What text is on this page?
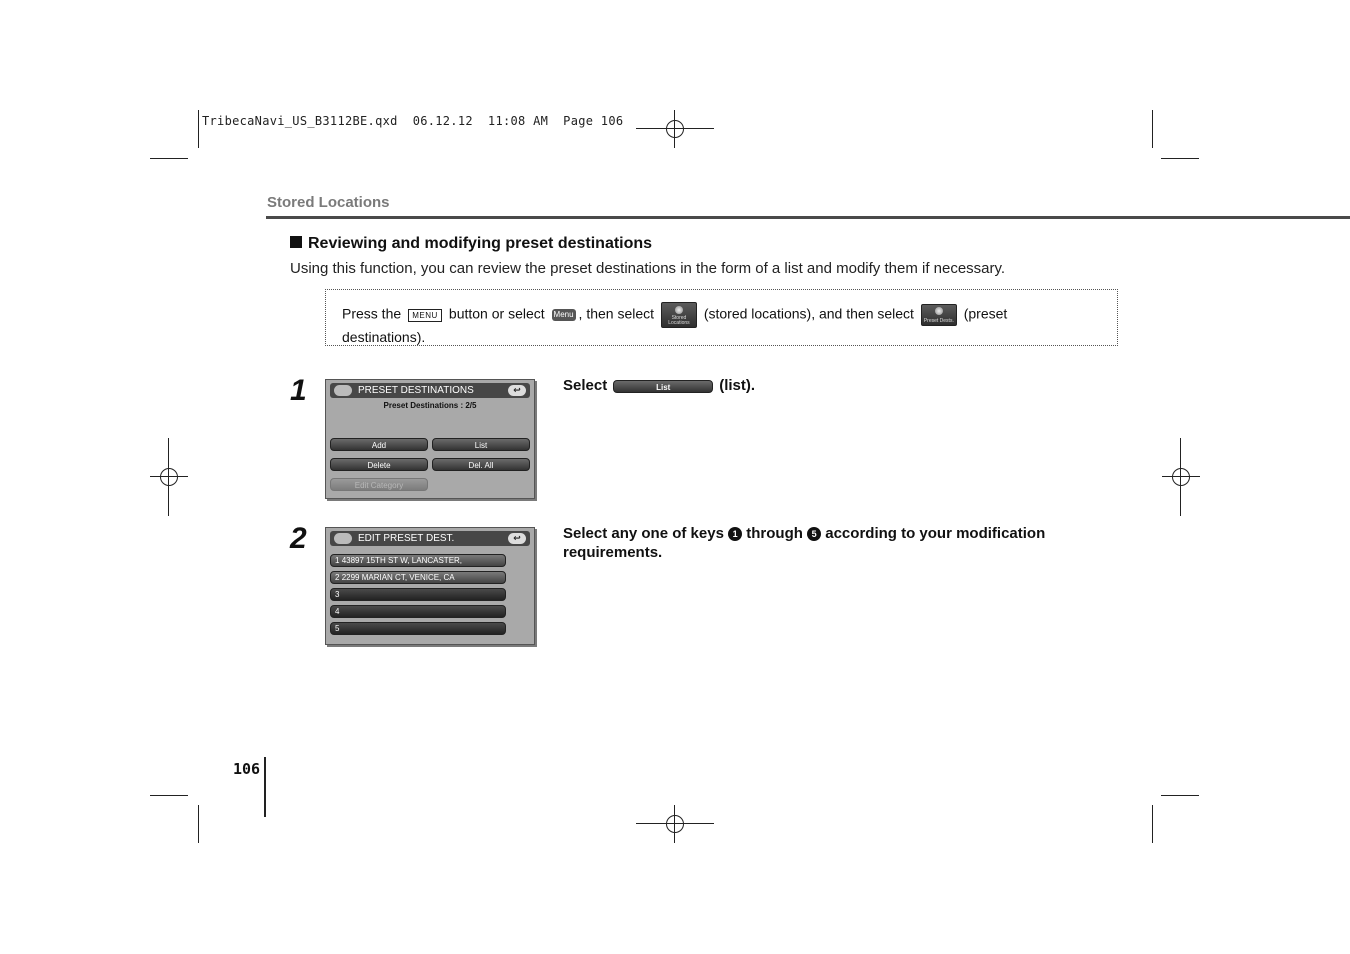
TribecaNavi_US_B3112BE.qxd  06.12.12  11:08 AM  Page 106
Stored Locations
Reviewing and modifying preset destinations
Using this function, you can review the preset destinations in the form of a list and modify them if necessary.
Press the MENU button or select Menu , then select	Stored Locations
(stored locations), and then select	Preset Dests. (preset
destinations).
1	PRESET DESTINATIONS	↩
Preset Destinations : 2/5
Add	List
Delete	Del. All
Edit Category
Select	List	(list).
2	EDIT PRESET DEST.	↩
1 43897 15TH ST W, LANCASTER,
2 2299 MARIAN CT, VENICE, CA
3
4
5
Select any one of keys 1 through 5 according to your modification
requirements.
106
